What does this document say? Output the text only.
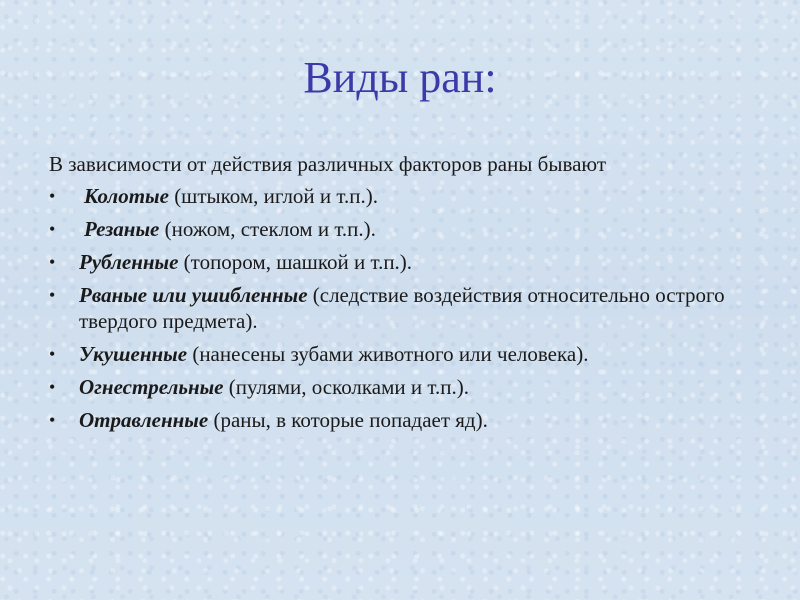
Виды ран:
В зависимости от действия различных факторов раны бывают
• Колотые (штыком, иглой и т.п.).
• Резаные (ножом, стеклом и т.п.).
• Рубленные (топором, шашкой и т.п.).
• Рваные или ушибленные (следствие воздействия относительно острого твердого предмета).
• Укушенные (нанесены зубами животного или человека).
• Огнестрельные (пулями, осколками и т.п.).
• Отравленные (раны, в которые попадает яд).
